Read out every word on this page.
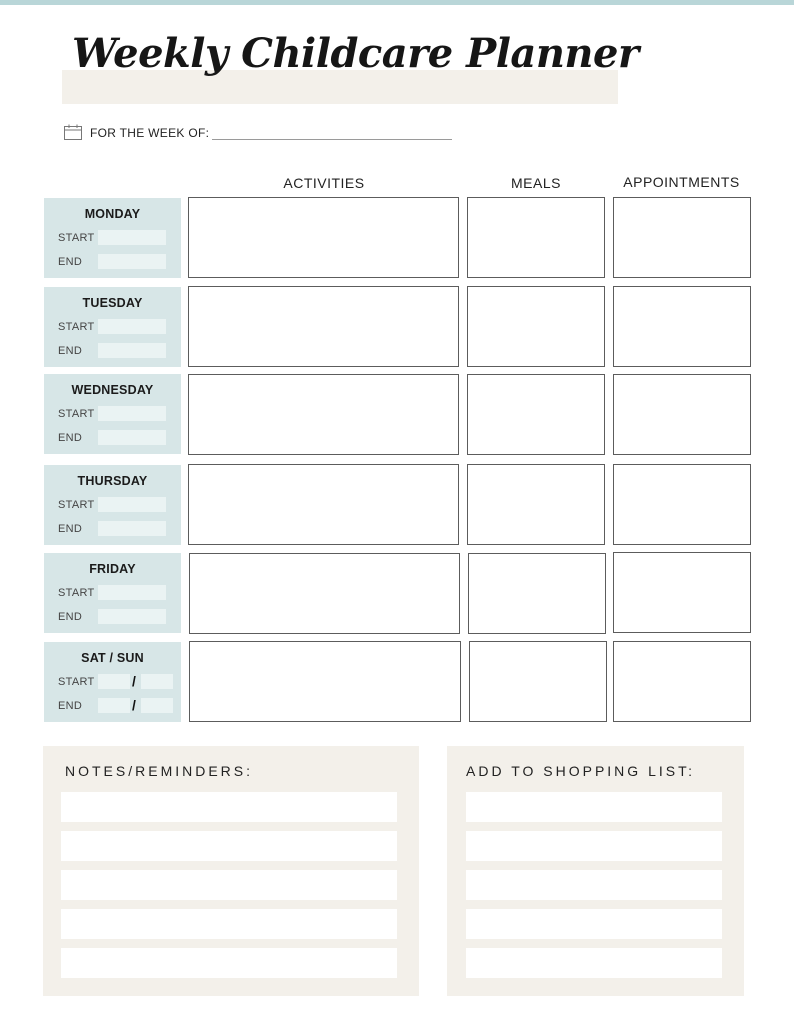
Weekly Childcare Planner
FOR THE WEEK OF:
ACTIVITIES	MEALS	APPOINTMENTS
MONDAY
START
END
TUESDAY
START
END
WEDNESDAY
START
END
THURSDAY
START
END
FRIDAY
START
END
SAT / SUN
START	/
END	/
NOTES/REMINDERS:	ADD TO SHOPPING LIST:
